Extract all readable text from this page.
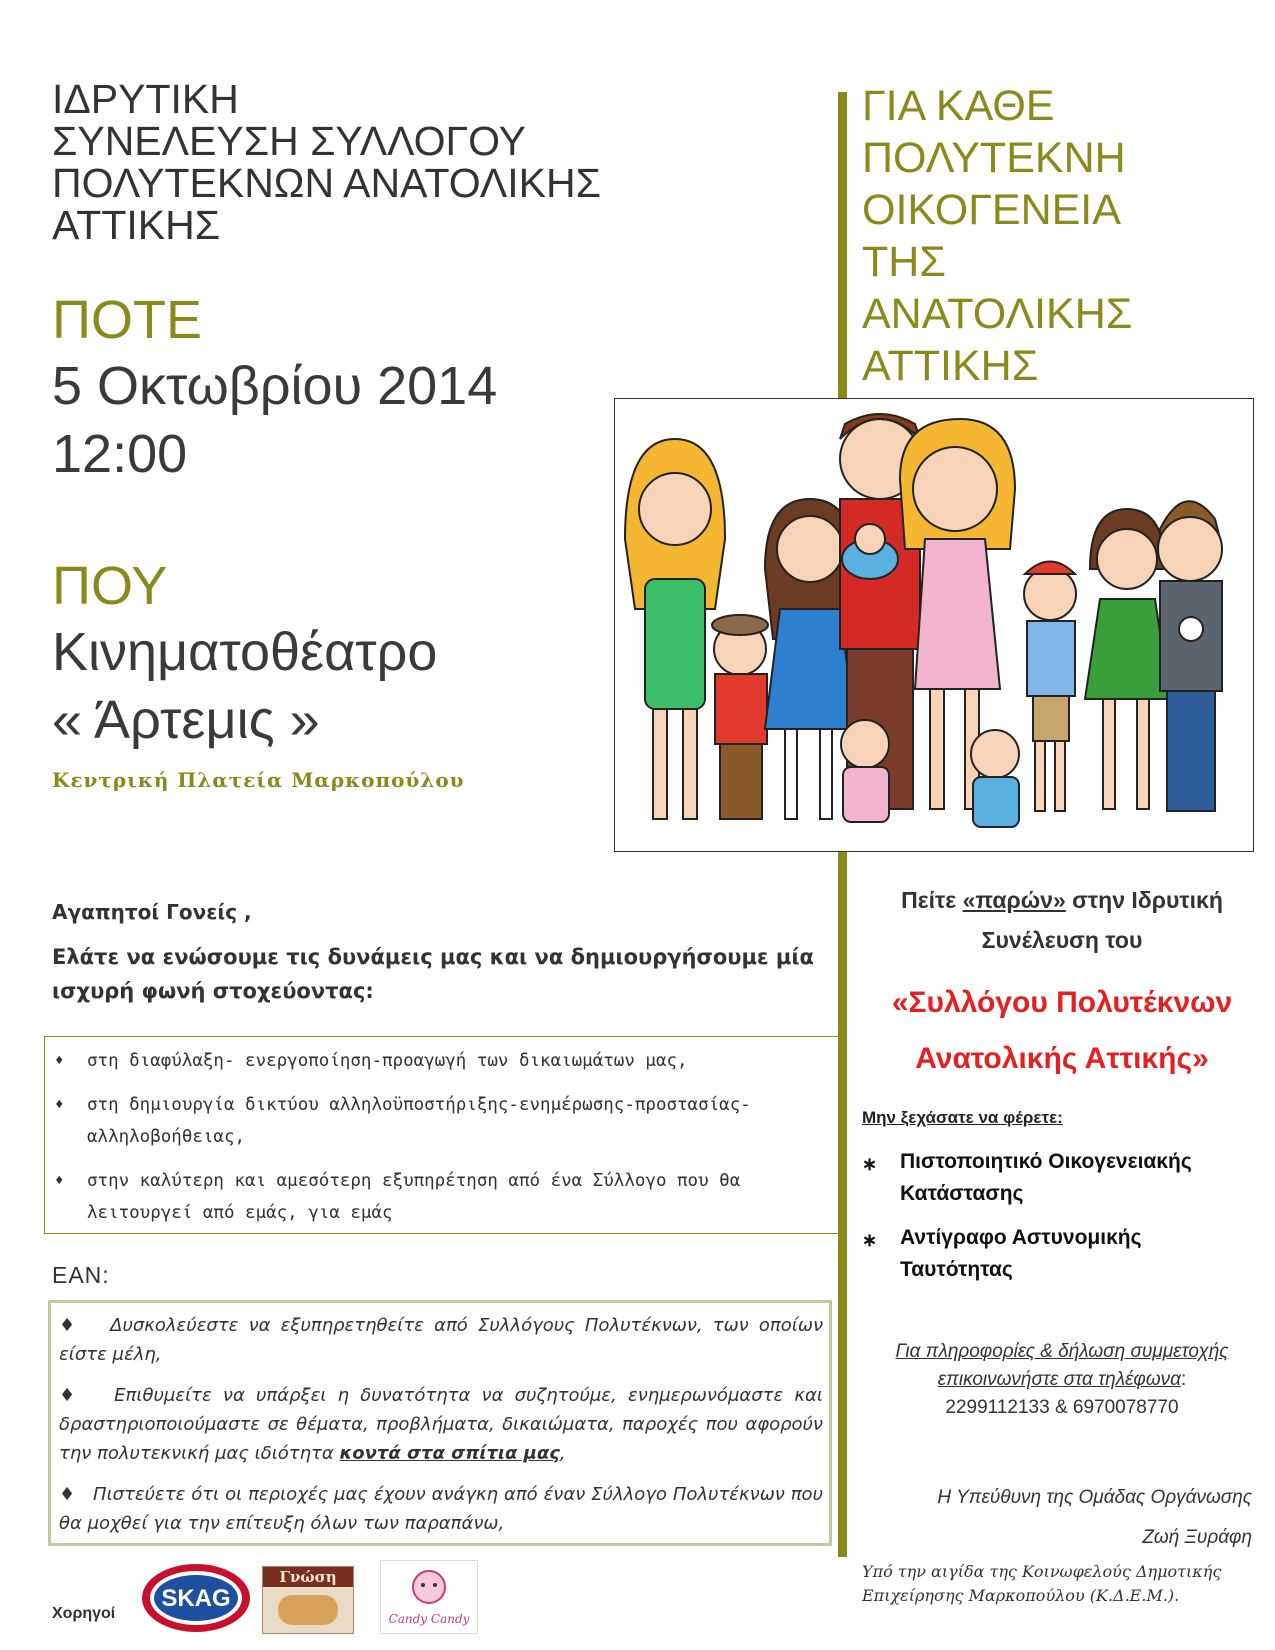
ΙΔΡΥΤΙΚΗ
ΣΥΝΕΛΕΥΣΗ ΣΥΛΛΟΓΟΥ
ΠΟΛΥΤΕΚΝΩΝ ΑΝΑΤΟΛΙΚΗΣ
ΑΤΤΙΚΗΣ
ΠΟΤΕ
5 Οκτωβρίου 2014
12:00
ΠΟΥ
Κινηματοθέατρο
« Άρτεμις »
Κεντρική Πλατεία Μαρκοπούλου
ΓΙΑ ΚΑΘΕ
ΠΟΛΥΤΕΚΝΗ
ΟΙΚΟΓΕΝΕΙΑ
ΤΗΣ
ΑΝΑΤΟΛΙΚΗΣ
ΑΤΤΙΚΗΣ
Αγαπητοί Γονείς ,
Ελάτε να ενώσουμε τις δυνάμεις μας και να δημιουργήσουμε μία ισχυρή φωνή στοχεύοντας:
♦ στη διαφύλαξη- ενεργοποίηση-προαγωγή των δικαιωμάτων μας,
♦ στη δημιουργία δικτύου αλληλοϋποστήριξης-ενημέρωσης-προστασίας-αλληλοβοήθειας,
♦ στην καλύτερη και αμεσότερη εξυπηρέτηση από ένα Σύλλογο που θα λειτουργεί από εμάς, για εμάς
ΕΑΝ:

♦   Δυσκολεύεστε να εξυπηρετηθείτε από Συλλόγους Πολυτέκνων, των οποίων είστε μέλη,

♦   Επιθυμείτε να υπάρξει η δυνατότητα να συζητούμε, ενημερωνόμαστε και δραστηριοποιούμαστε σε θέματα, προβλήματα, δικαιώματα, παροχές που αφορούν την πολυτεκνική μας ιδιότητα κοντά στα σπίτια μας,

♦   Πιστεύετε ότι οι περιοχές μας έχουν ανάγκη από έναν Σύλλογο Πολυτέκνων που θα μοχθεί για την επίτευξη όλων των παραπάνω,

Πείτε «παρών» στην Ιδρυτική
Συνέλευση του
«Συλλόγου Πολυτέκνων
Ανατολικής Αττικής»
Μην ξεχάσατε να φέρετε:
∗ Πιστοποιητικό Οικογενειακής Κατάστασης
∗ Αντίγραφο Αστυνομικής Ταυτότητας
Για πληροφορίες & δήλωση συμμετοχής
επικοινωνήστε στα τηλέφωνα:
2299112133 & 6970078770
Η Υπεύθυνη της Ομάδας Οργάνωσης
Ζωή Ξυράφη
Υπό την αιγίδα της Κοινωφελούς Δημοτικής Επιχείρησης Μαρκοπούλου (Κ.Δ.Ε.Μ.).
Χορηγοί
SKAG
Γνώση
Candy Candy
